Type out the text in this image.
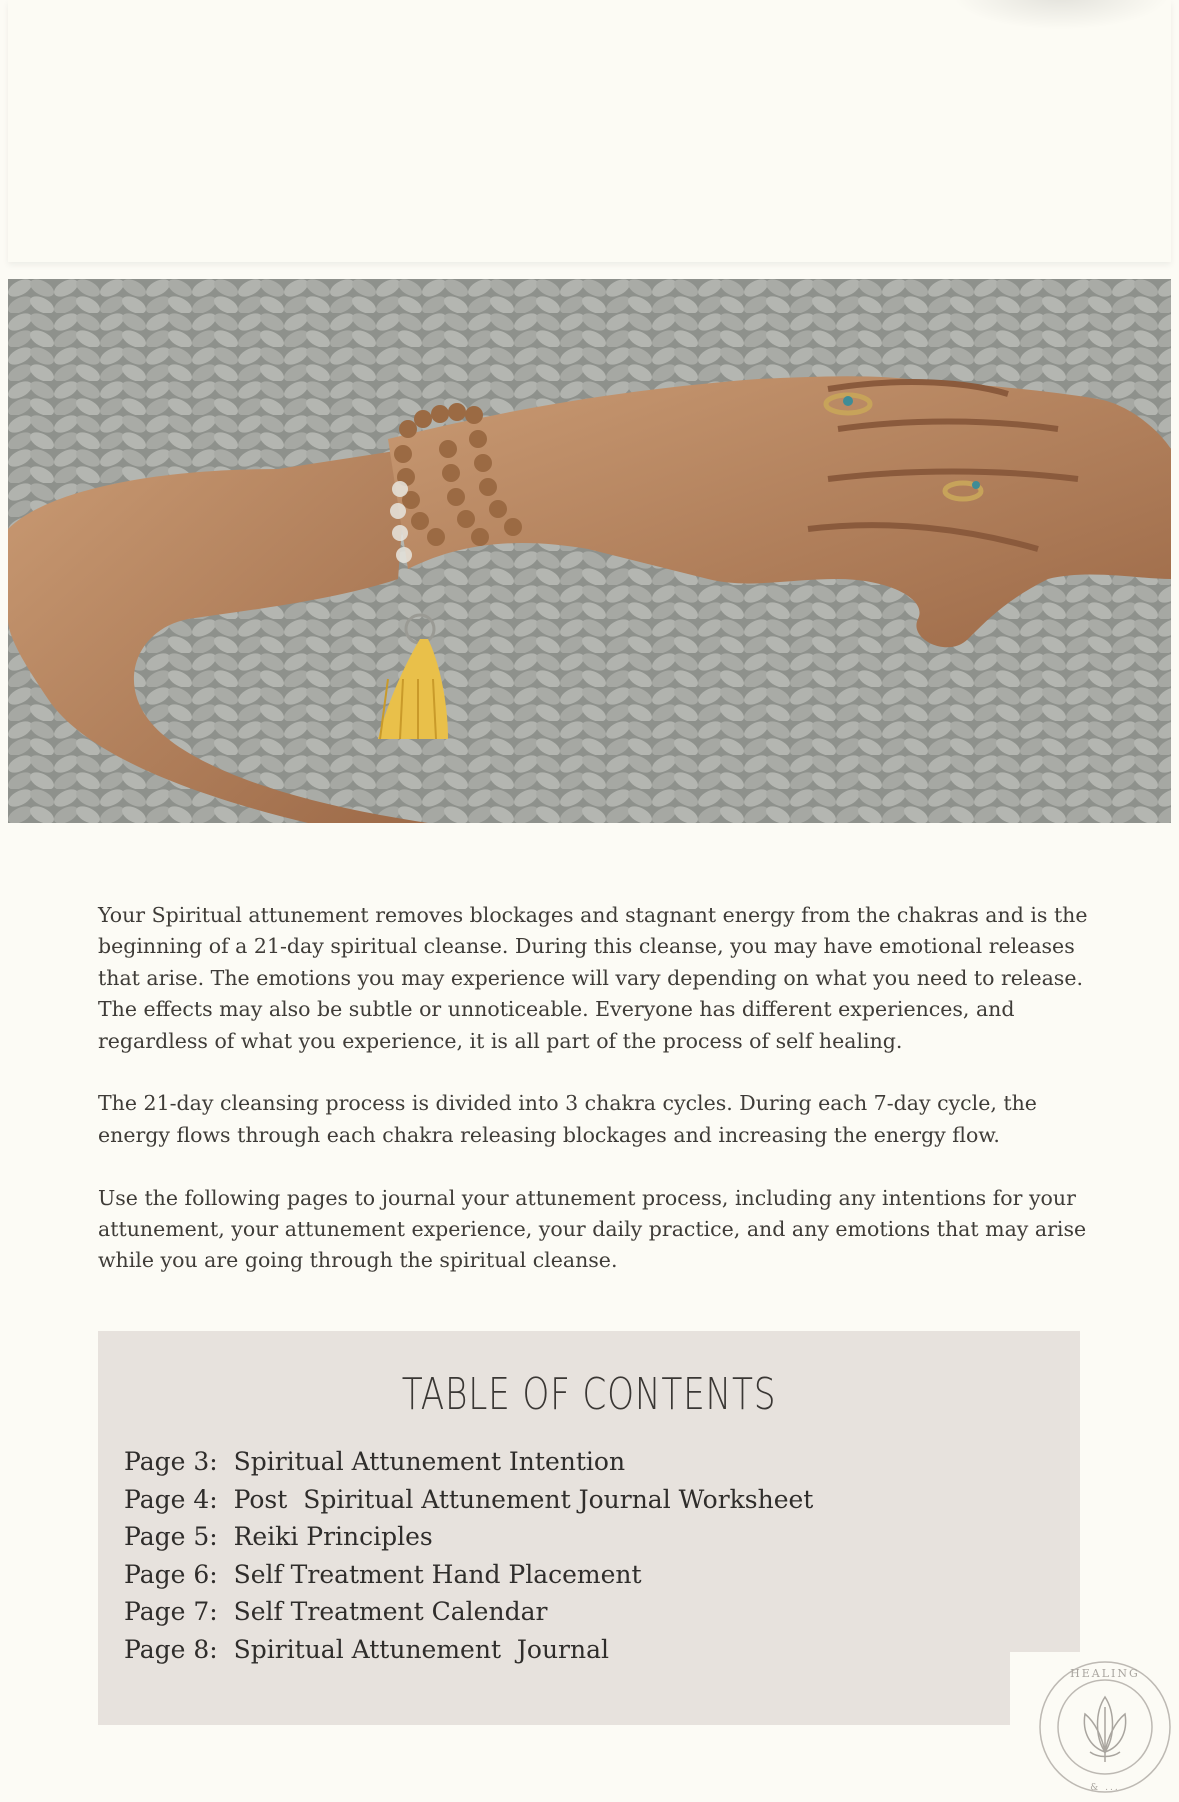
Your Spiritual attunement removes blockages and stagnant energy from the chakras and is the beginning of a 21-day spiritual cleanse. During this cleanse, you may have emotional releases that arise. The emotions you may experience will vary depending on what you need to release. The effects may also be subtle or unnoticeable. Everyone has different experiences, and regardless of what you experience, it is all part of the process of self healing.

The 21-day cleansing process is divided into 3 chakra cycles. During each 7-day cycle, the energy flows through each chakra releasing blockages and increasing the energy flow.

Use the following pages to journal your attunement process, including any intentions for your attunement, your attunement experience, your daily practice, and any emotions that may arise while you are going through the spiritual cleanse.

TABLE OF CONTENTS
Page 3:  Spiritual Attunement Intention
Page 4:  Post  Spiritual Attunement Journal Worksheet
Page 5:  Reiki Principles
Page 6:  Self Treatment Hand Placement
Page 7:  Self Treatment Calendar
Page 8:  Spiritual Attunement  Journal
HEALING
& ...
